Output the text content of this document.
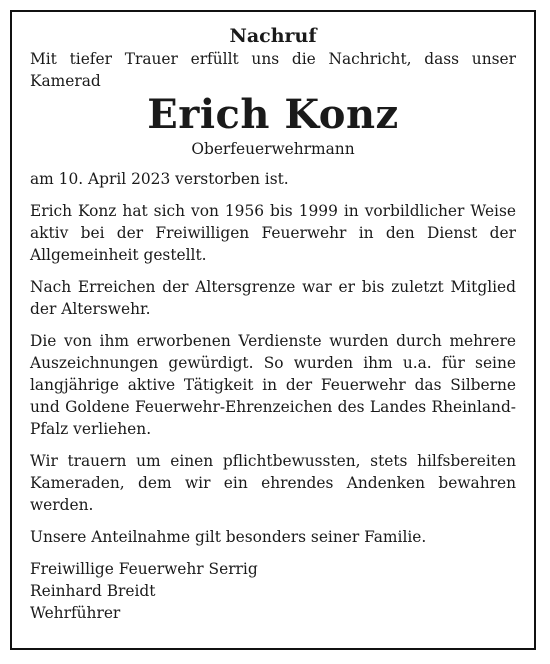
Nachruf

Mit tiefer Trauer erfüllt uns die Nachricht, dass unser Kamerad

Erich Konz

Oberfeuerwehrmann

am 10. April 2023 verstorben ist.

Erich Konz hat sich von 1956 bis 1999 in vorbildlicher Weise aktiv bei der Freiwilligen Feuerwehr in den Dienst der Allgemeinheit gestellt.

Nach Erreichen der Altersgrenze war er bis zuletzt Mitglied der Alterswehr.

Die von ihm erworbenen Verdienste wurden durch mehrere Auszeichnungen gewürdigt. So wurden ihm u.a. für seine langjährige aktive Tätigkeit in der Feuerwehr das Silberne und Goldene Feuerwehr-Ehrenzeichen des Landes Rheinland-Pfalz verliehen.

Wir trauern um einen pflichtbewussten, stets hilfsbereiten Kameraden, dem wir ein ehrendes Andenken bewahren werden.

Unsere Anteilnahme gilt besonders seiner Familie.

Freiwillige Feuerwehr Serrig

Reinhard Breidt

Wehrführer
